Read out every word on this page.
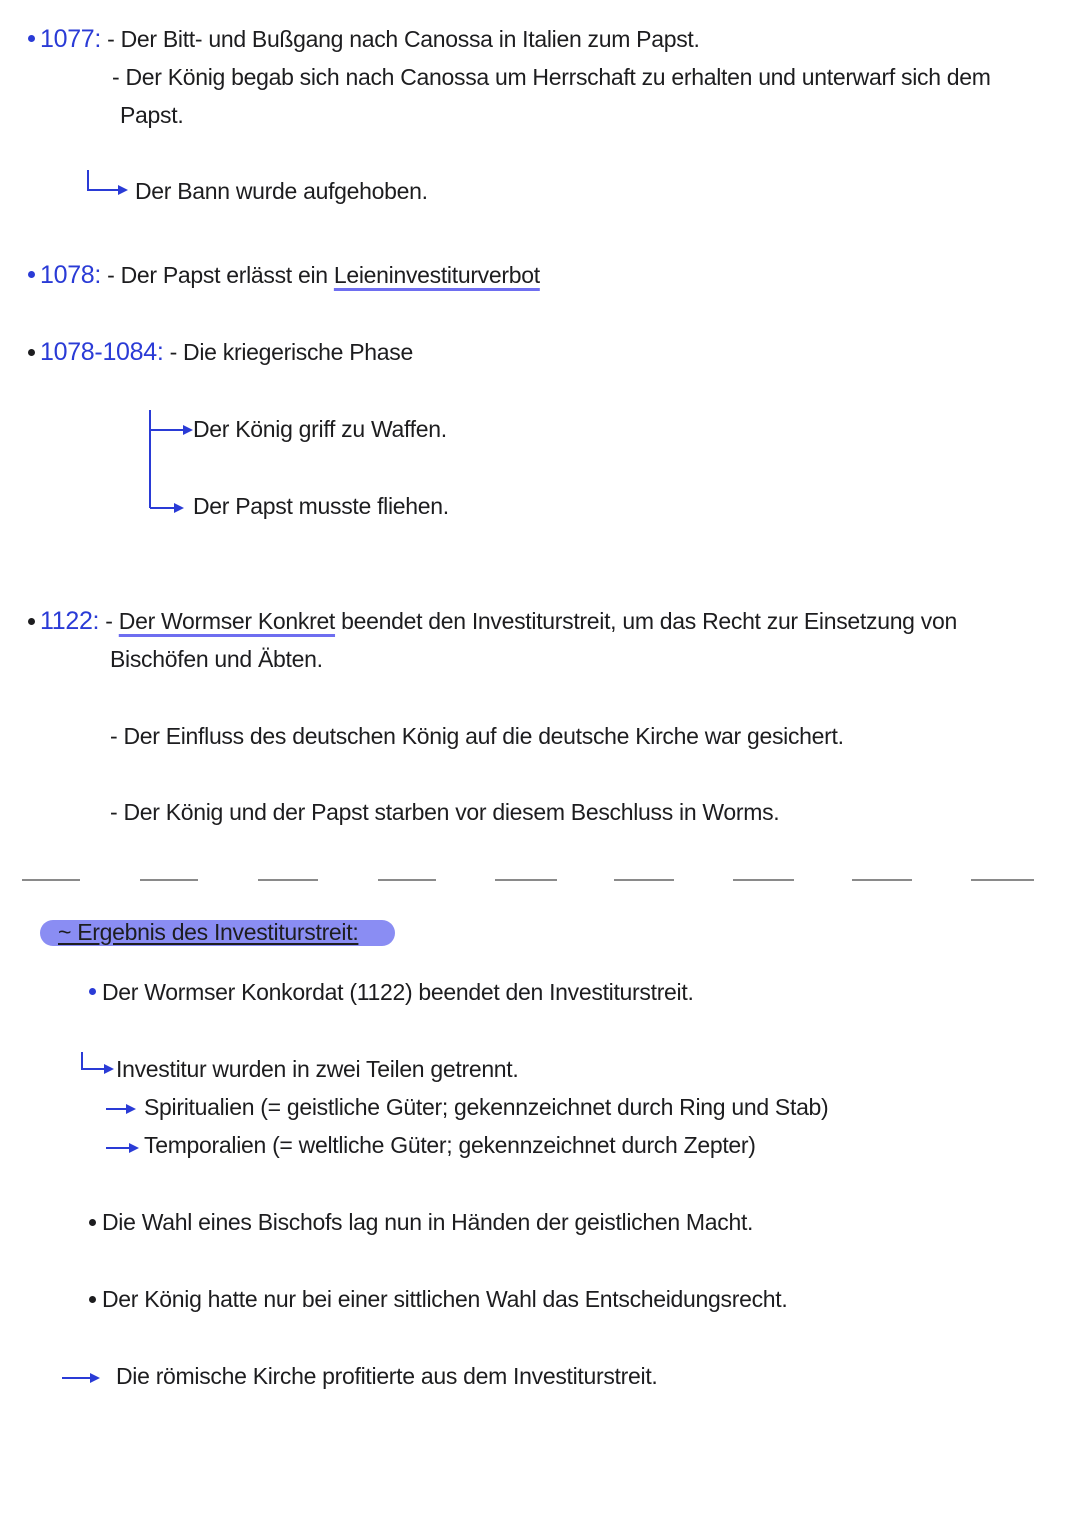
1077: - Der Bitt- und Bußgang nach Canossa in Italien zum Papst.
- Der König begab sich nach Canossa um Herrschaft zu erhalten und unterwarf sich dem
Papst.
Der Bann wurde aufgehoben.
1078: - Der Papst erlässt ein Leieninvestiturverbot
1078-1084: - Die kriegerische Phase
Der König griff zu Waffen.
Der Papst musste fliehen.
1122: - Der Wormser Konkret beendet den Investiturstreit, um das Recht zur Einsetzung von
Bischöfen und Äbten.
- Der Einfluss des deutschen König auf die deutsche Kirche war gesichert.
- Der König und der Papst starben vor diesem Beschluss in Worms.
~ Ergebnis des Investiturstreit:
Der Wormser Konkordat (1122) beendet den Investiturstreit.
Investitur wurden in zwei Teilen getrennt.
Spiritualien (= geistliche Güter; gekennzeichnet durch Ring und Stab)
Temporalien (= weltliche Güter; gekennzeichnet durch Zepter)
Die Wahl eines Bischofs lag nun in Händen der geistlichen Macht.
Der König hatte nur bei einer sittlichen Wahl das Entscheidungsrecht.
Die römische Kirche profitierte aus dem Investiturstreit.
